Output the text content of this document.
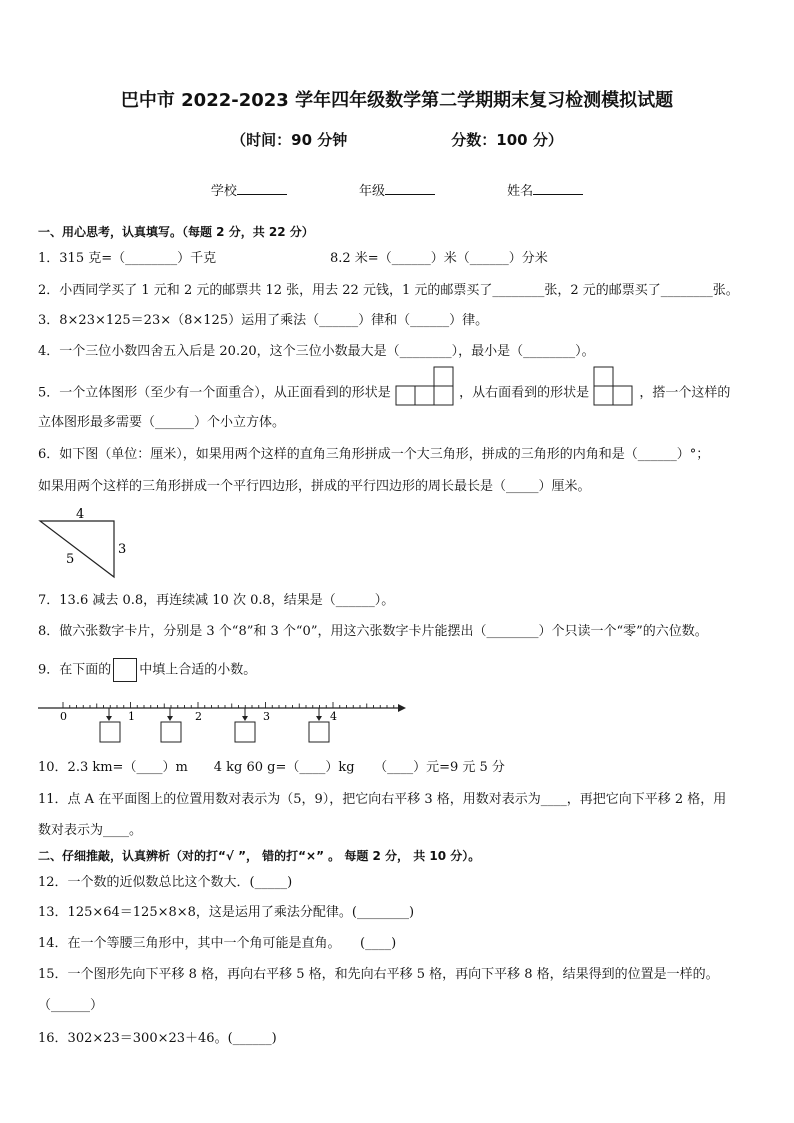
巴中市 2022-2023 学年四年级数学第二学期期末复习检测模拟试题
（时间：90 分钟	分数：100 分）
学校	年级	姓名
一、用心思考，认真填写。（每题 2 分，共 22 分）
1．315 克=（________）千克	8.2 米=（______）米（______）分米
2．小西同学买了 1 元和 2 元的邮票共 12 张，用去 22 元钱，1 元的邮票买了________张，2 元的邮票买了________张。
3．8×23×125＝23×（8×125）运用了乘法（______）律和（______）律。
4．一个三位小数四舍五入后是 20.20，这个三位小数最大是（________），最小是（________）。
5．一个立体图形（至少有一个面重合），从正面看到的形状是	，从右面看到的形状是	，搭一个这样的
立体图形最多需要（______）个小立方体。
6．如下图（单位：厘米），如果用两个这样的直角三角形拼成一个大三角形，拼成的三角形的内角和是（______）°；
如果用两个这样的三角形拼成一个平行四边形，拼成的平行四边形的周长最长是（_____）厘米。
4
5
3
7．13.6 减去 0.8，再连续减 10 次 0.8，结果是（______）。
8．做六张数字卡片，分别是 3 个“8”和 3 个“0”，用这六张数字卡片能摆出（________）个只读一个“零”的六位数。
9．在下面的 中填上合适的小数。
0	1	2	3	4
10．2.3 km=（____）m　　4 kg 60 g=（____）kg　　（____）元=9 元 5 分
11．点 A 在平面图上的位置用数对表示为（5，9），把它向右平移 3 格，用数对表示为____，再把它向下平移 2 格，用
数对表示为____。
二、仔细推敲，认真辨析（对的打“√ ”， 错的打“×” 。 每题 2 分， 共 10 分）。
12．一个数的近似数总比这个数大．(_____)
13．125×64＝125×8×8，这是运用了乘法分配律。(________)
14．在一个等腰三角形中，其中一个角可能是直角。　　(____)
15．一个图形先向下平移 8 格，再向右平移 5 格，和先向右平移 5 格，再向下平移 8 格，结果得到的位置是一样的。
（______）
16．302×23＝300×23＋46。(______)
